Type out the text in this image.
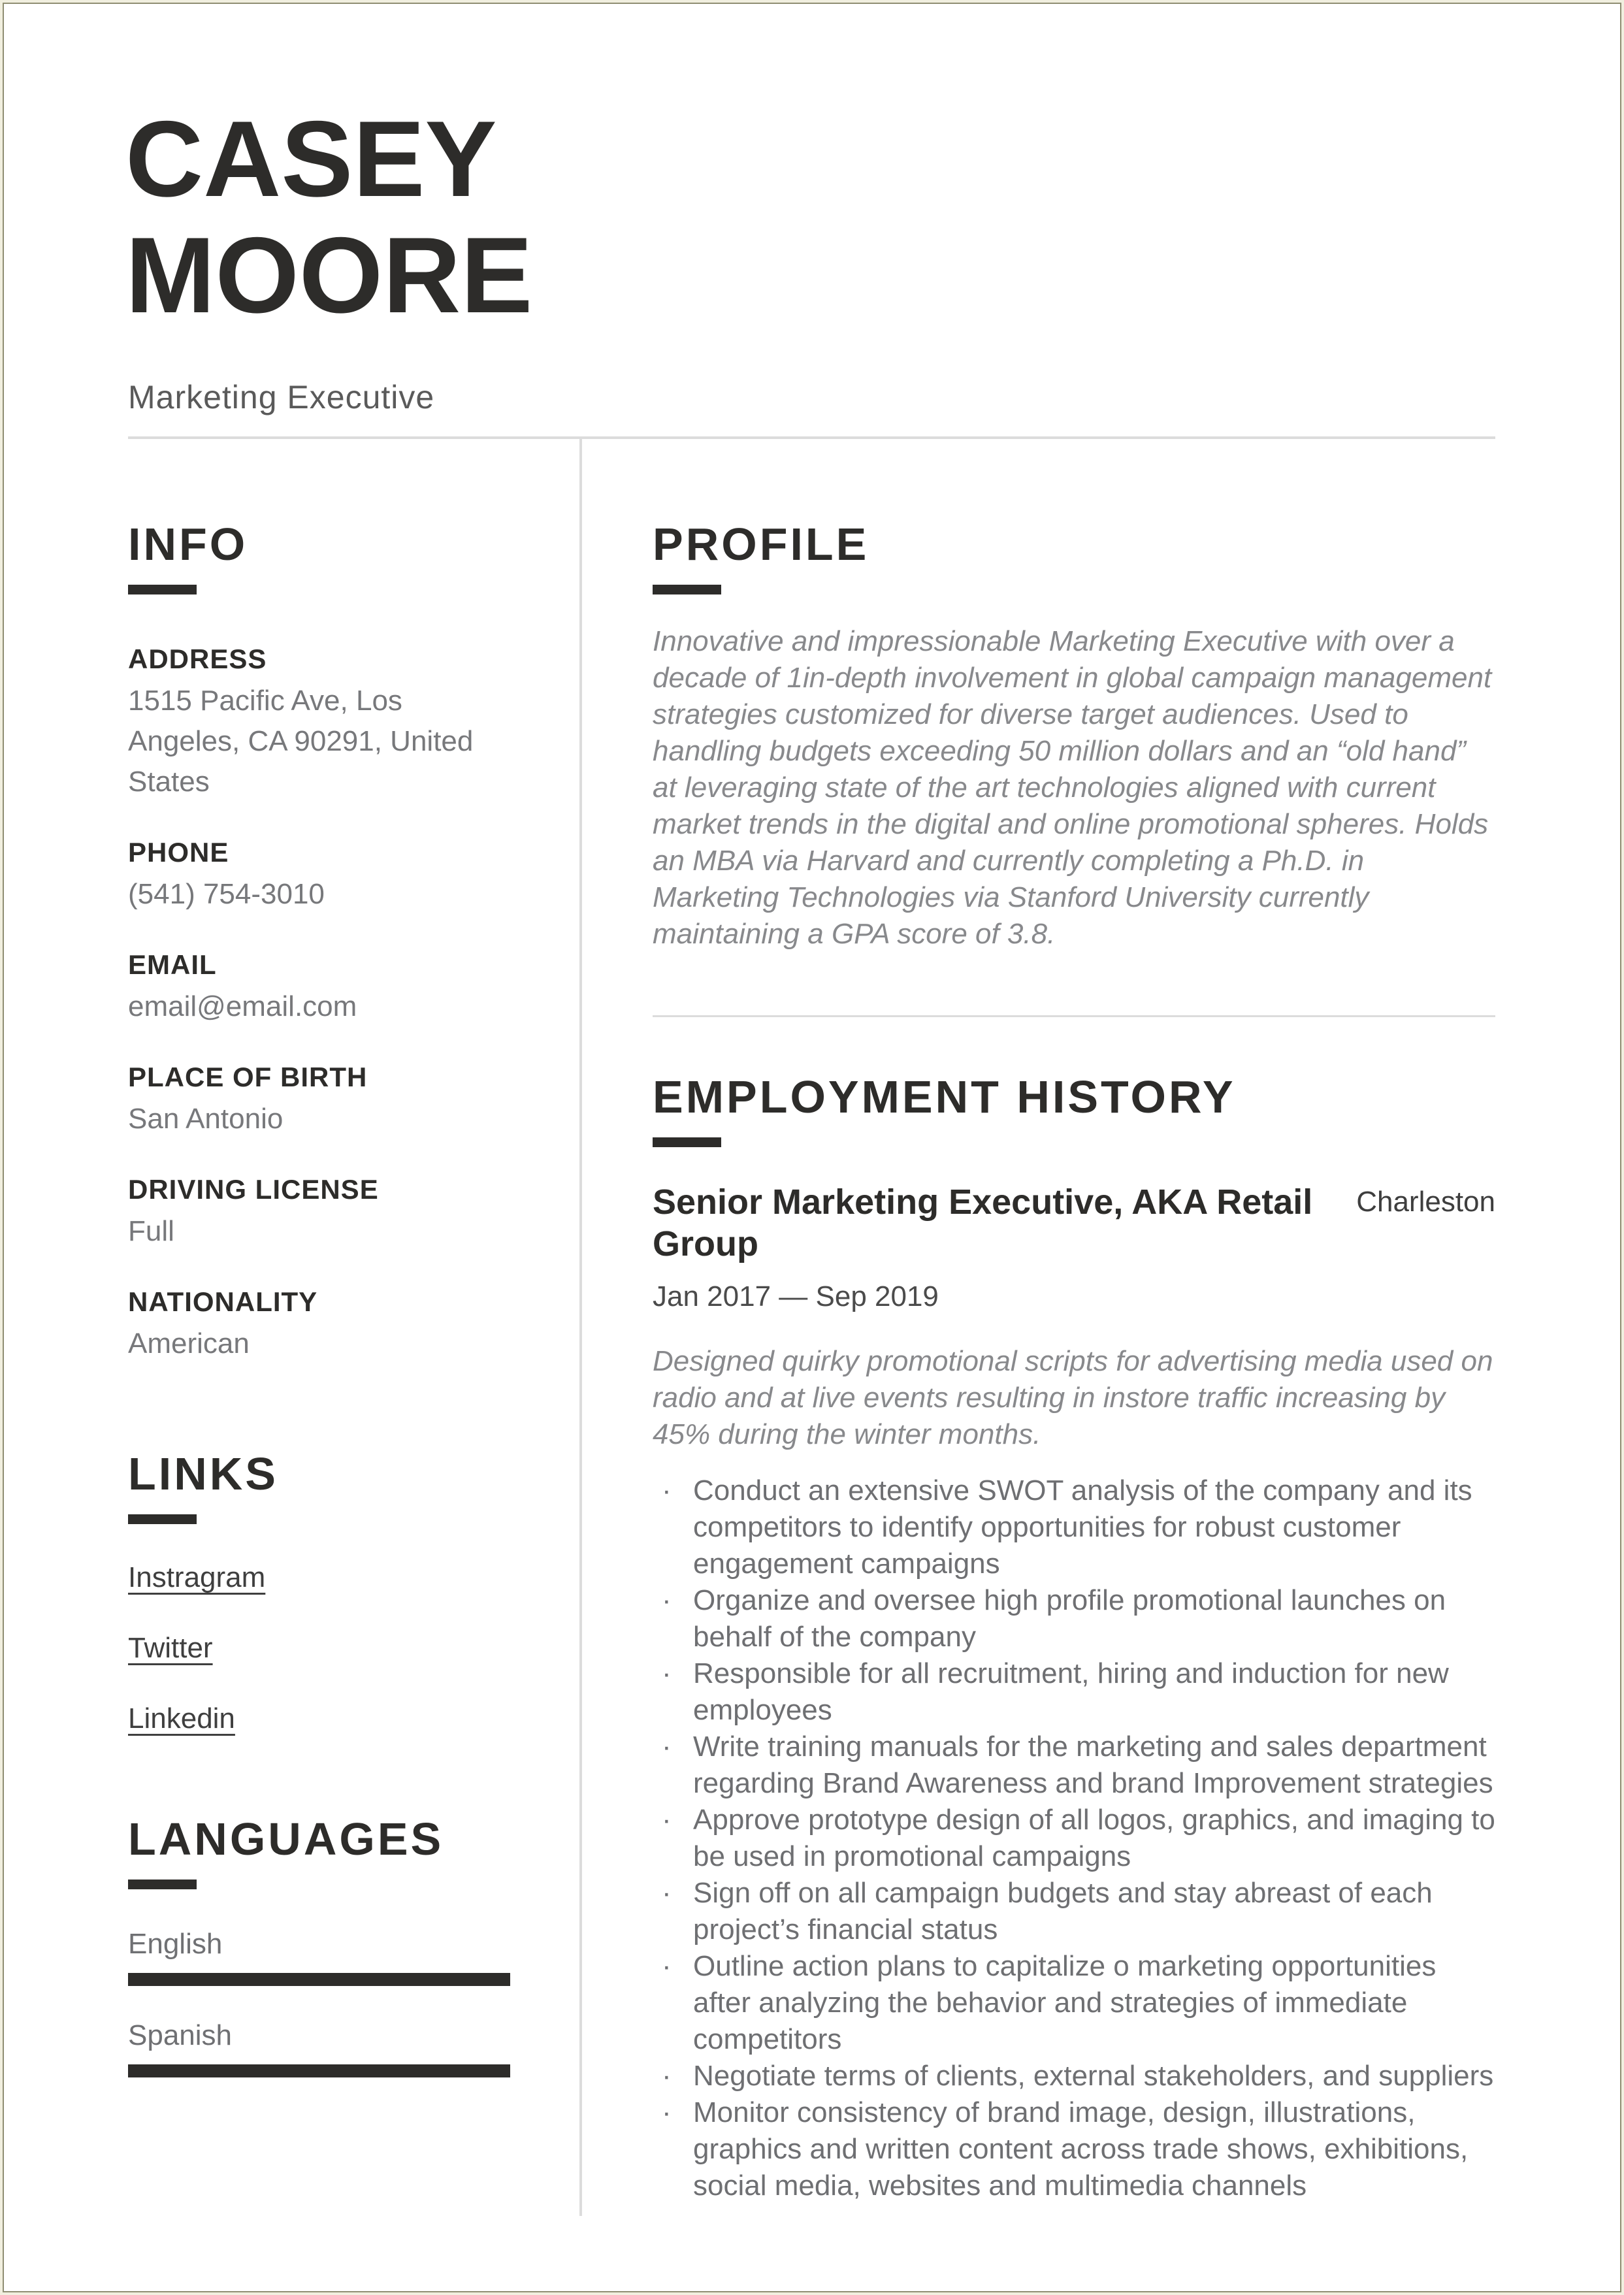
CASEY MOORE
Marketing Executive
INFO
ADDRESS
1515 Pacific Ave, Los Angeles, CA 90291, United States
PHONE
(541) 754-3010
EMAIL
email@email.com
PLACE OF BIRTH
San Antonio
DRIVING LICENSE
Full
NATIONALITY
American
LINKS
Instragram
Twitter
Linkedin
LANGUAGES
English
Spanish
PROFILE
Innovative and impressionable Marketing Executive with over a decade of 1in-depth involvement in global campaign management strategies customized for diverse target audiences. Used to handling budgets exceeding 50 million dollars and an “old hand” at leveraging state of the art technologies aligned with current market trends in the digital and online promotional spheres. Holds an MBA via Harvard and currently completing a Ph.D. in Marketing Technologies via Stanford University currently maintaining a GPA score of 3.8.
EMPLOYMENT HISTORY
Senior Marketing Executive, AKA Retail Group
Charleston
Jan 2017 — Sep 2019
Designed quirky promotional scripts for advertising media used on radio and at live events resulting in instore traffic increasing by 45% during the winter months.
· Conduct an extensive SWOT analysis of the company and its competitors to identify opportunities for robust customer engagement campaigns
· Organize and oversee high profile promotional launches on behalf of the company
· Responsible for all recruitment, hiring and induction for new employees
· Write training manuals for the marketing and sales department regarding Brand Awareness and brand Improvement strategies
· Approve prototype design of all logos, graphics, and imaging to be used in promotional campaigns
· Sign off on all campaign budgets and stay abreast of each project’s financial status
· Outline action plans to capitalize o marketing opportunities after analyzing the behavior and strategies of immediate competitors
· Negotiate terms of clients, external stakeholders, and suppliers
· Monitor consistency of brand image, design, illustrations, graphics and written content across trade shows, exhibitions, social media, websites and multimedia channels
